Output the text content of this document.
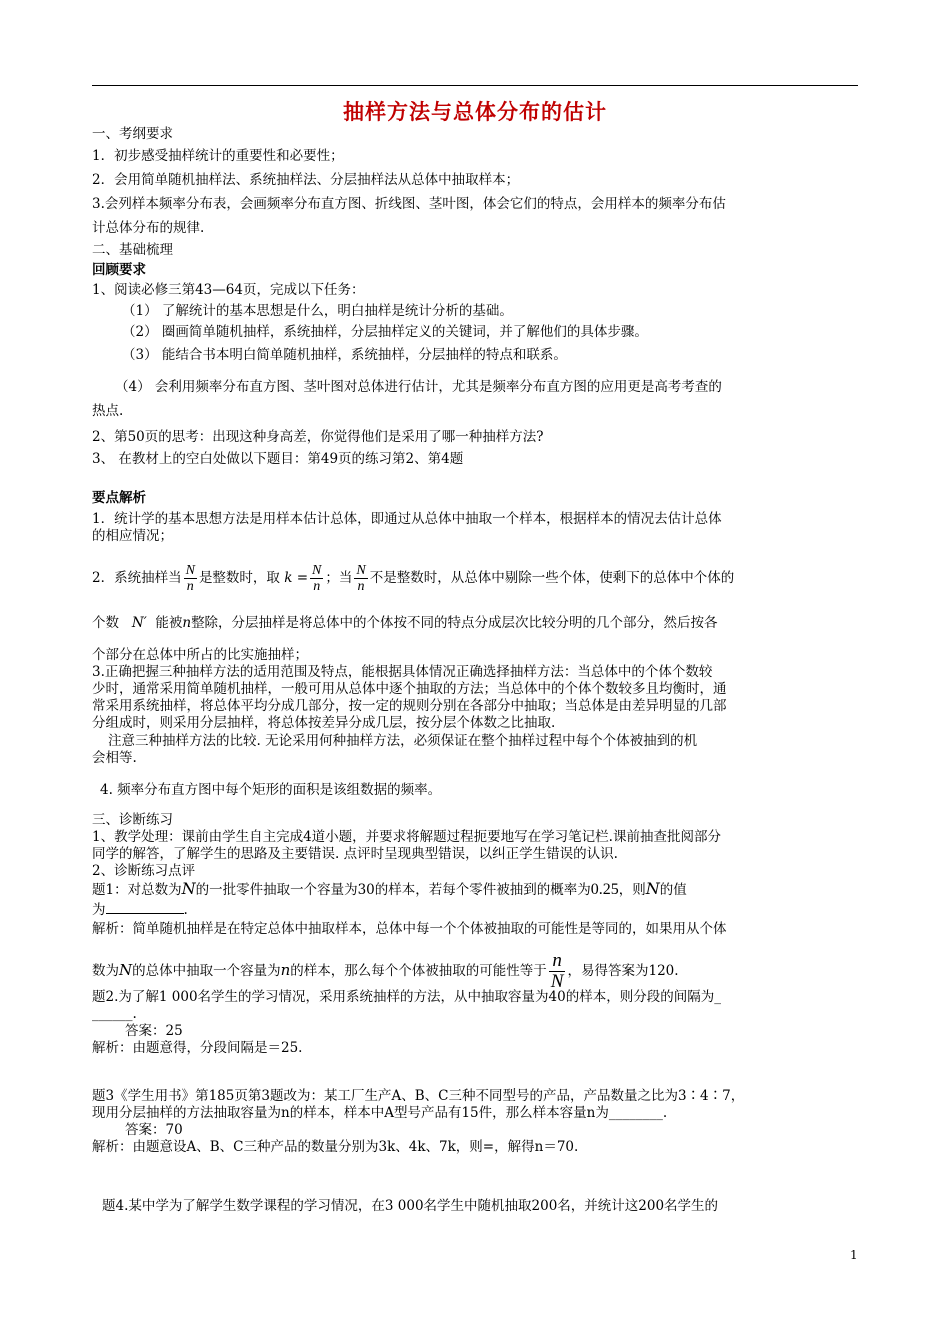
抽样方法与总体分布的估计
一、考纲要求
1．初步感受抽样统计的重要性和必要性；
2．会用简单随机抽样法、系统抽样法、分层抽样法从总体中抽取样本；
3.会列样本频率分布表，会画频率分布直方图、折线图、茎叶图，体会它们的特点，会用样本的频率分布估
计总体分布的规律.
二、基础梳理
回顾要求
1、阅读必修三第43—64页，完成以下任务：
（1） 了解统计的基本思想是什么，明白抽样是统计分析的基础。
（2） 圈画简单随机抽样，系统抽样，分层抽样定义的关键词，并了解他们的具体步骤。
（3） 能结合书本明白简单随机抽样，系统抽样，分层抽样的特点和联系。
（4） 会利用频率分布直方图、茎叶图对总体进行估计，尤其是频率分布直方图的应用更是高考考查的
热点.
2、第50页的思考：出现这种身高差，你觉得他们是采用了哪一种抽样方法?
3、 在教材上的空白处做以下题目：第49页的练习第2、第4题
要点解析
1．统计学的基本思想方法是用样本估计总体，即通过从总体中抽取一个样本，根据样本的情况去估计总体
的相应情况；
2．系统抽样当 $\frac{N}{n}$ 是整数时，取 $k = \frac{N}{n}$ ；当 $\frac{N}{n}$ 不是整数时，从总体中剔除一些个体，使剩下的总体中个体的
个数 N′ 能被n整除，分层抽样是将总体中的个体按不同的特点分成层次比较分明的几个部分，然后按各
个部分在总体中所占的比实施抽样；
3.正确把握三种抽样方法的适用范围及特点，能根据具体情况正确选择抽样方法：当总体中的个体个数较
少时，通常采用简单随机抽样，一般可用从总体中逐个抽取的方法；当总体中的个体个数较多且均衡时，通
常采用系统抽样，将总体平均分成几部分，按一定的规则分别在各部分中抽取；当总体是由差异明显的几部
分组成时，则采用分层抽样，将总体按差异分成几层，按分层个体数之比抽取.
注意三种抽样方法的比较. 无论采用何种抽样方法，必须保证在整个抽样过程中每个个体被抽到的机
会相等.
4. 频率分布直方图中每个矩形的面积是该组数据的频率。
三、诊断练习
1、教学处理：课前由学生自主完成4道小题，并要求将解题过程扼要地写在学习笔记栏.课前抽查批阅部分
同学的解答，了解学生的思路及主要错误. 点评时呈现典型错误，以纠正学生错误的认识.
2、诊断练习点评
题1：对总数为N的一批零件抽取一个容量为30的样本，若每个零件被抽到的概率为0.25，则N的值
为	.
解析：简单随机抽样是在特定总体中抽取样本，总体中每一个个体被抽取的可能性是等同的，如果用从个体
数为N的总体中抽取一个容量为n的样本，那么每个个体被抽取的可能性等于 $\frac{n}{N}$ ，易得答案为120.
题2.为了解1 000名学生的学习情况，采用系统抽样的方法，从中抽取容量为40的样本，则分段的间隔为_
______.
答案：25
解析：由题意得，分段间隔是＝25.
题3《学生用书》第185页第3题改为：某工厂生产A、B、C三种不同型号的产品，产品数量之比为3∶4∶7，
现用分层抽样的方法抽取容量为n的样本，样本中A型号产品有15件，那么样本容量n为________.
答案：70
解析：由题意设A、B、C三种产品的数量分别为3k、4k、7k，则=，解得n＝70.
题4.某中学为了解学生数学课程的学习情况，在3 000名学生中随机抽取200名，并统计这200名学生的
1
